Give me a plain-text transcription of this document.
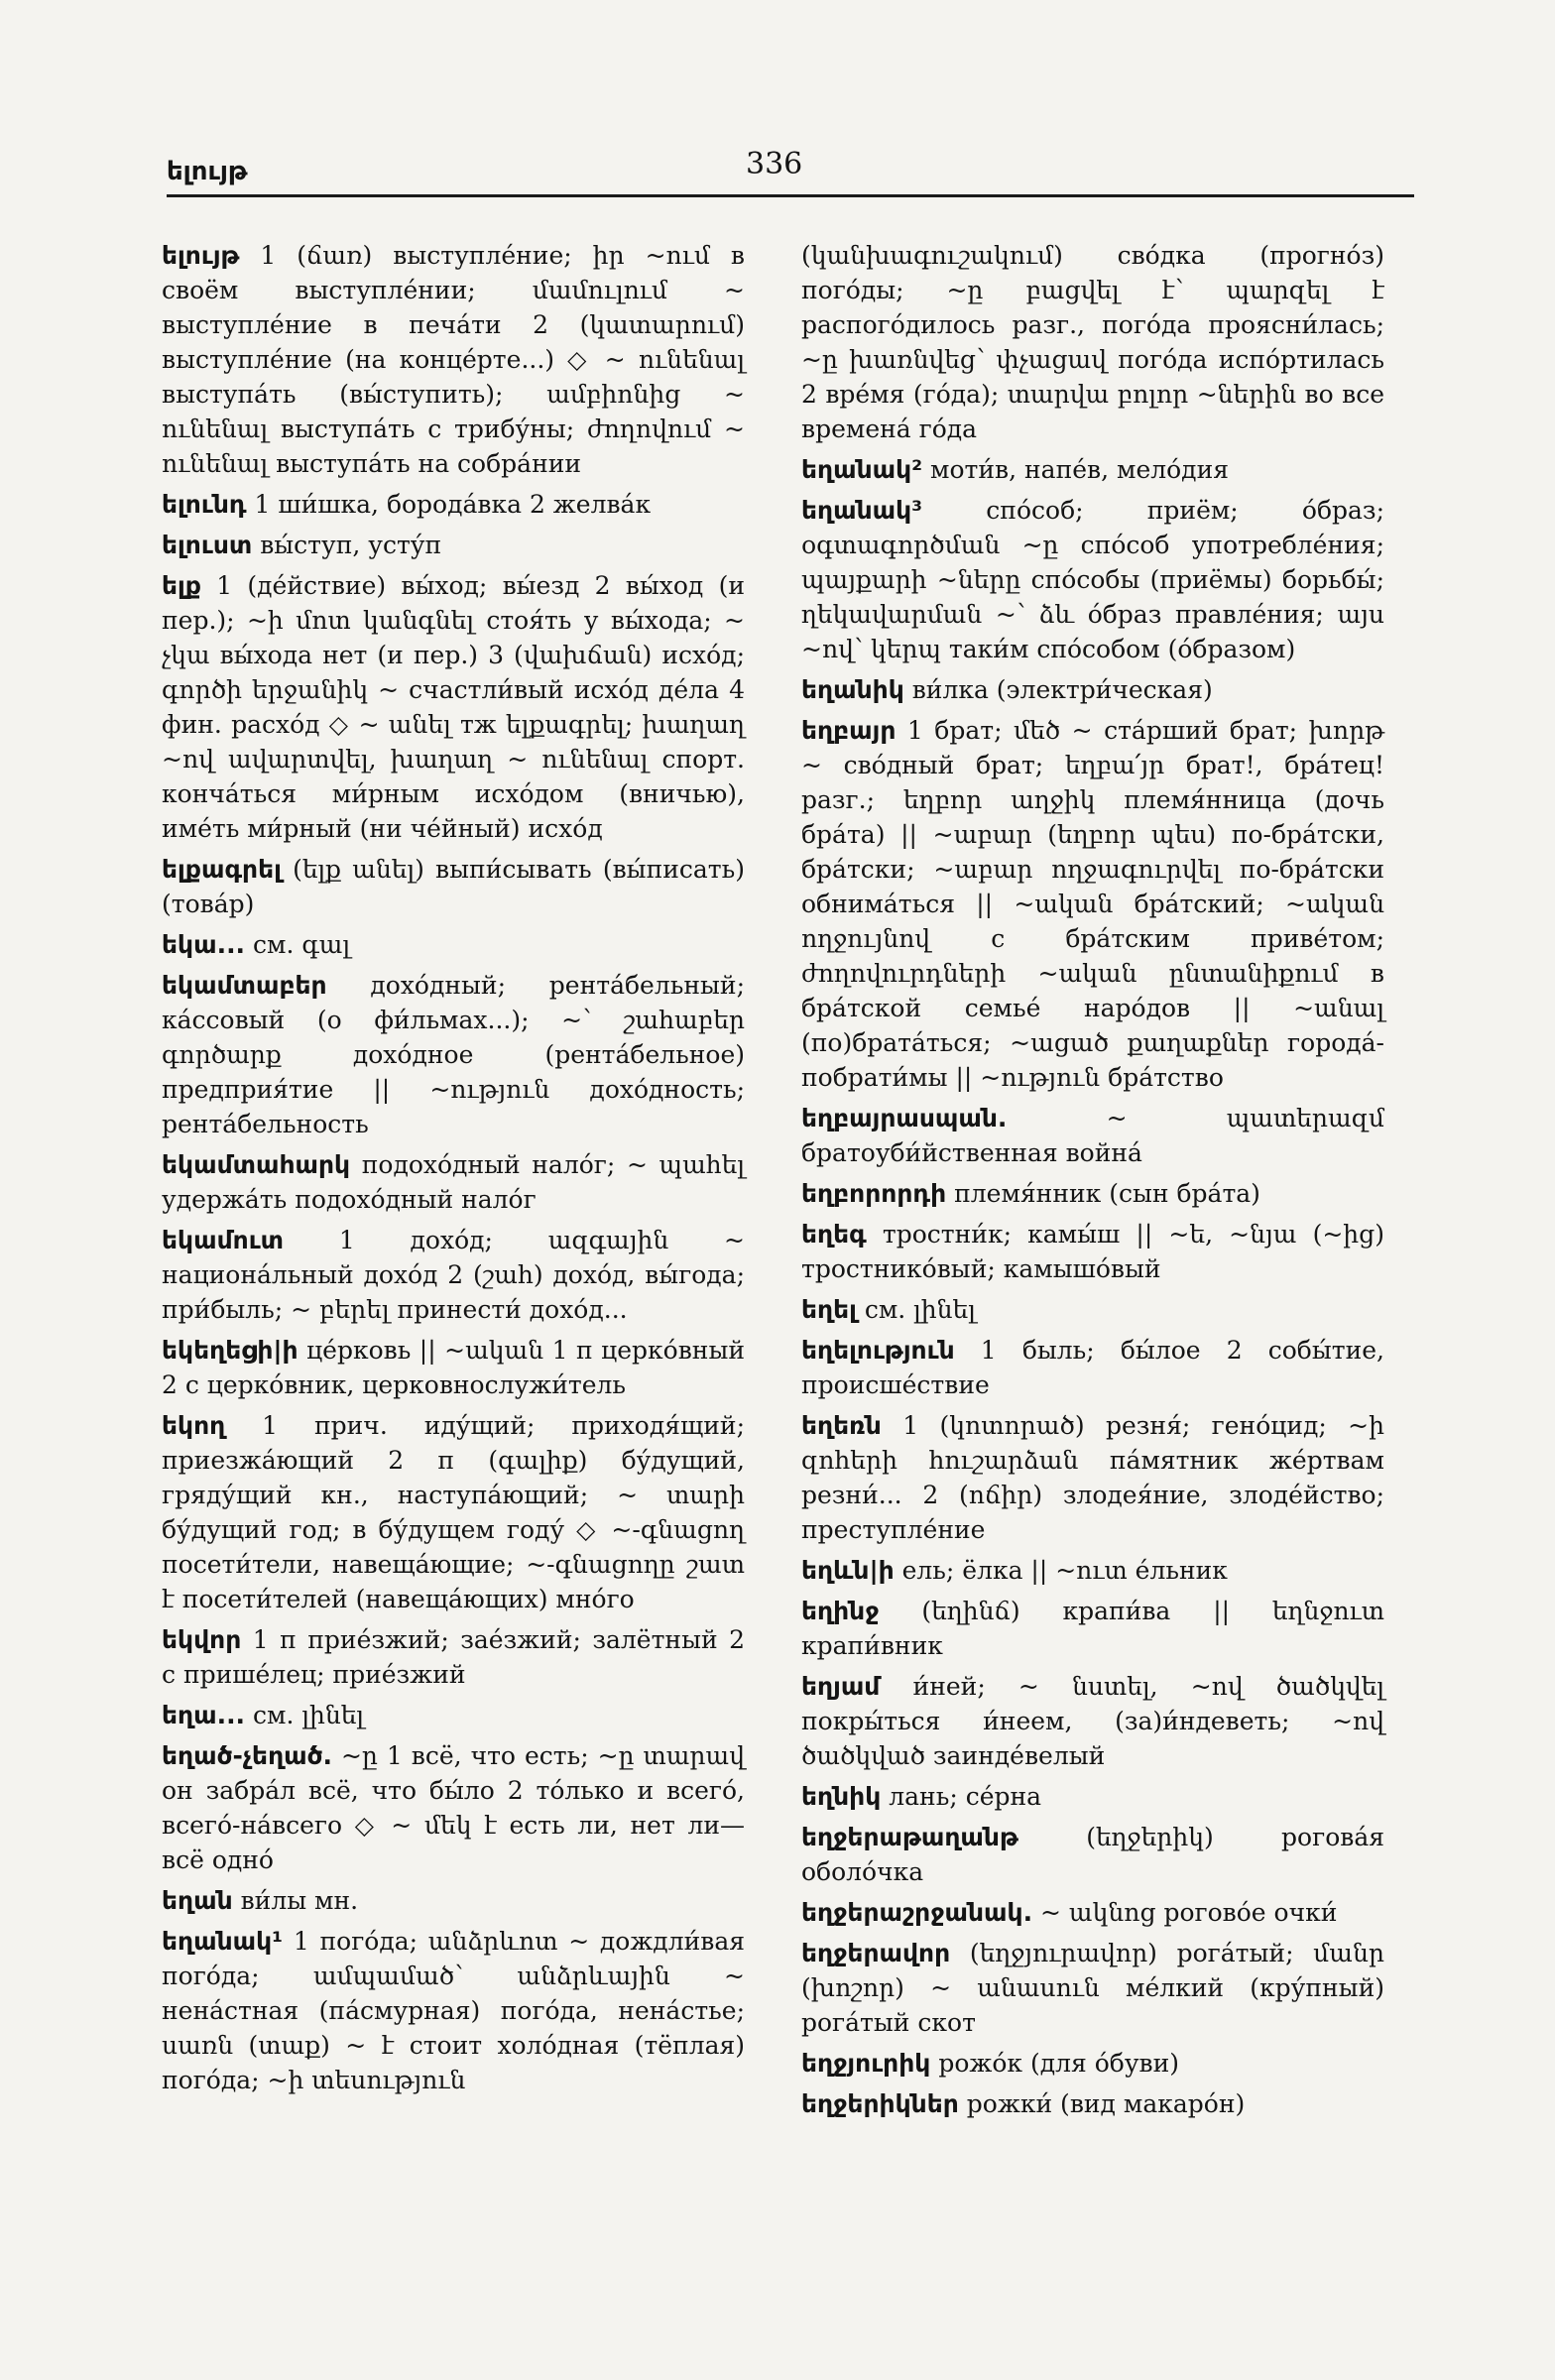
ելույթ	336
ելույթ 1 (ճառ) выступле́ние; իր ~ում в своём выступле́нии; մամուլում ~ выступле́ние в печа́ти 2 (կատարում) выступле́ние (на конце́рте...) ◇ ~ ունենալ выступа́ть (вы́ступить); ամբիոնից ~ ունենալ выступа́ть с трибу́ны; ժողովում ~ ունենալ выступа́ть на собра́нии
ելունդ 1 ши́шка, борода́вка 2 желва́к
ելուստ вы́ступ, усту́п
ելք 1 (де́йствие) вы́ход; вы́езд 2 вы́ход (и пер.); ~ի մոտ կանգնել стоя́ть у вы́хода; ~ չկա вы́хода нет (и пер.) 3 (վախճան) исхо́д; գործի երջանիկ ~ счастли́вый исхо́д де́ла 4 фин. расхо́д ◇ ~ անել тж ելքագրել; խաղաղ ~ով ավարտվել, խաղաղ ~ ունենալ спорт. конча́ться ми́рным исхо́дом (вничью), име́ть ми́рный (ни че́йный) исхо́д
ելքագրել (ելք անել) выпи́сывать (вы́писать) (това́р)
եկա... см. գալ
եկամտաբեր дохо́дный; рента́бельный; ка́ссовый (о фи́льмах...); ~՝ շահաբեր գործարք дохо́дное (рента́бельное) предприя́тие || ~ություն дохо́дность; рента́бельность
եկամտահարկ подохо́дный нало́г; ~ պահել удержа́ть подохо́дный нало́г
եկամուտ 1 дохо́д; ազգային ~ национа́льный дохо́д 2 (շահ) дохо́д, вы́года; при́быль; ~ բերել принести́ дохо́д...
եկեղեցի|ի це́рковь || ~ական 1 п церко́вный 2 с церко́вник, церковнослужи́тель
եկող 1 прич. иду́щий; приходя́щий; приезжа́ющий 2 п (գալիք) бу́дущий, гряду́щий кн., наступа́ющий; ~ տարի бу́дущий год; в бу́дущем году́ ◇ ~-գնացող посети́тели, навеща́ющие; ~-գնացողը շատ է посети́телей (навеща́ющих) мно́го
եկվոր 1 п прие́зжий; зае́зжий; залётный 2 с прише́лец; прие́зжий
եղա... см. լինել
եղած-չեղած. ~ը 1 всё, что есть; ~ը տարավ он забра́л всё, что бы́ло 2 то́лько и всего́, всего́-на́всего ◇ ~ մեկ է есть ли, нет ли—всё одно́
եղան ви́лы мн.
եղանակ¹ 1 пого́да; անձրևոտ ~ дождли́вая пого́да; ամպամած՝ անձրևային ~ нена́стная (па́смурная) пого́да, нена́стье; սառն (տաք) ~ է стоит холо́дная (тёплая) пого́да; ~ի տեսություն
(կանխագուշակում) сво́дка (прогно́з) пого́ды; ~ը բացվել է՝ պարզել է распого́дилось разг., пого́да проясни́лась; ~ը խառնվեց՝ փչացավ пого́да испо́ртилась 2 вре́мя (го́да); տարվա բոլոր ~ներին во все времена́ го́да
եղանակ² моти́в, напе́в, мело́дия
եղանակ³ спо́соб; приём; о́браз; օգտագործման ~ը спо́соб употребле́ния; պայքարի ~ները спо́собы (приёмы) борьбы́; ղեկավարման ~՝ ձև о́браз правле́ния; այս ~ով՝ կերպ таки́м спо́собом (о́бразом)
եղանիկ ви́лка (электри́ческая)
եղբայր 1 брат; մեծ ~ ста́рший брат; խորթ ~ сво́дный брат; եղբա՛յր брат!, бра́тец! разг.; եղբոր աղջիկ племя́нница (дочь бра́та) || ~աբար (եղբոր պես) по-бра́тски, бра́тски; ~աբար ողջագուրվել по-бра́тски обнима́ться || ~ական бра́тский; ~ական ողջույնով с бра́тским приве́том; ժողովուրդների ~ական ընտանիքում в бра́тской семье́ наро́дов || ~անալ (по)брата́ться; ~ացած քաղաքներ города́-побрати́мы || ~ություն бра́тство
եղբայրասպան. ~ պատերազմ братоуби́йственная война́
եղբորորդի племя́нник (сын бра́та)
եղեգ тростни́к; камы́ш || ~ե, ~նյա (~ից) тростнико́вый; камышо́вый
եղել см. լինել
եղելություն 1 быль; бы́лое 2 собы́тие, происше́ствие
եղեռն 1 (կոտորած) резня́; гено́цид; ~ի զոհերի հուշարձան па́мятник же́ртвам резни́... 2 (ոճիր) злодея́ние, злоде́йство; преступле́ние
եղևն|ի ель; ёлка || ~ուտ е́льник
եղինջ (եղինճ) крапи́ва || եղնջուտ крапи́вник
եղյամ и́ней; ~ նստել, ~ով ծածկվել покры́ться и́неем, (за)и́ндеветь; ~ով ծածկված заинде́велый
եղնիկ лань; се́рна
եղջերաթաղանթ (եղջերիկ) рогова́я оболо́чка
եղջերաշրջանակ. ~ ակնոց рогово́е очки́
եղջերավոր (եղջյուրավոր) рога́тый; մանր (խոշոր) ~ անասուն ме́лкий (кру́пный) рога́тый скот
եղջյուրիկ рожо́к (для о́буви)
եղջերիկներ рожки́ (вид макаро́н)
